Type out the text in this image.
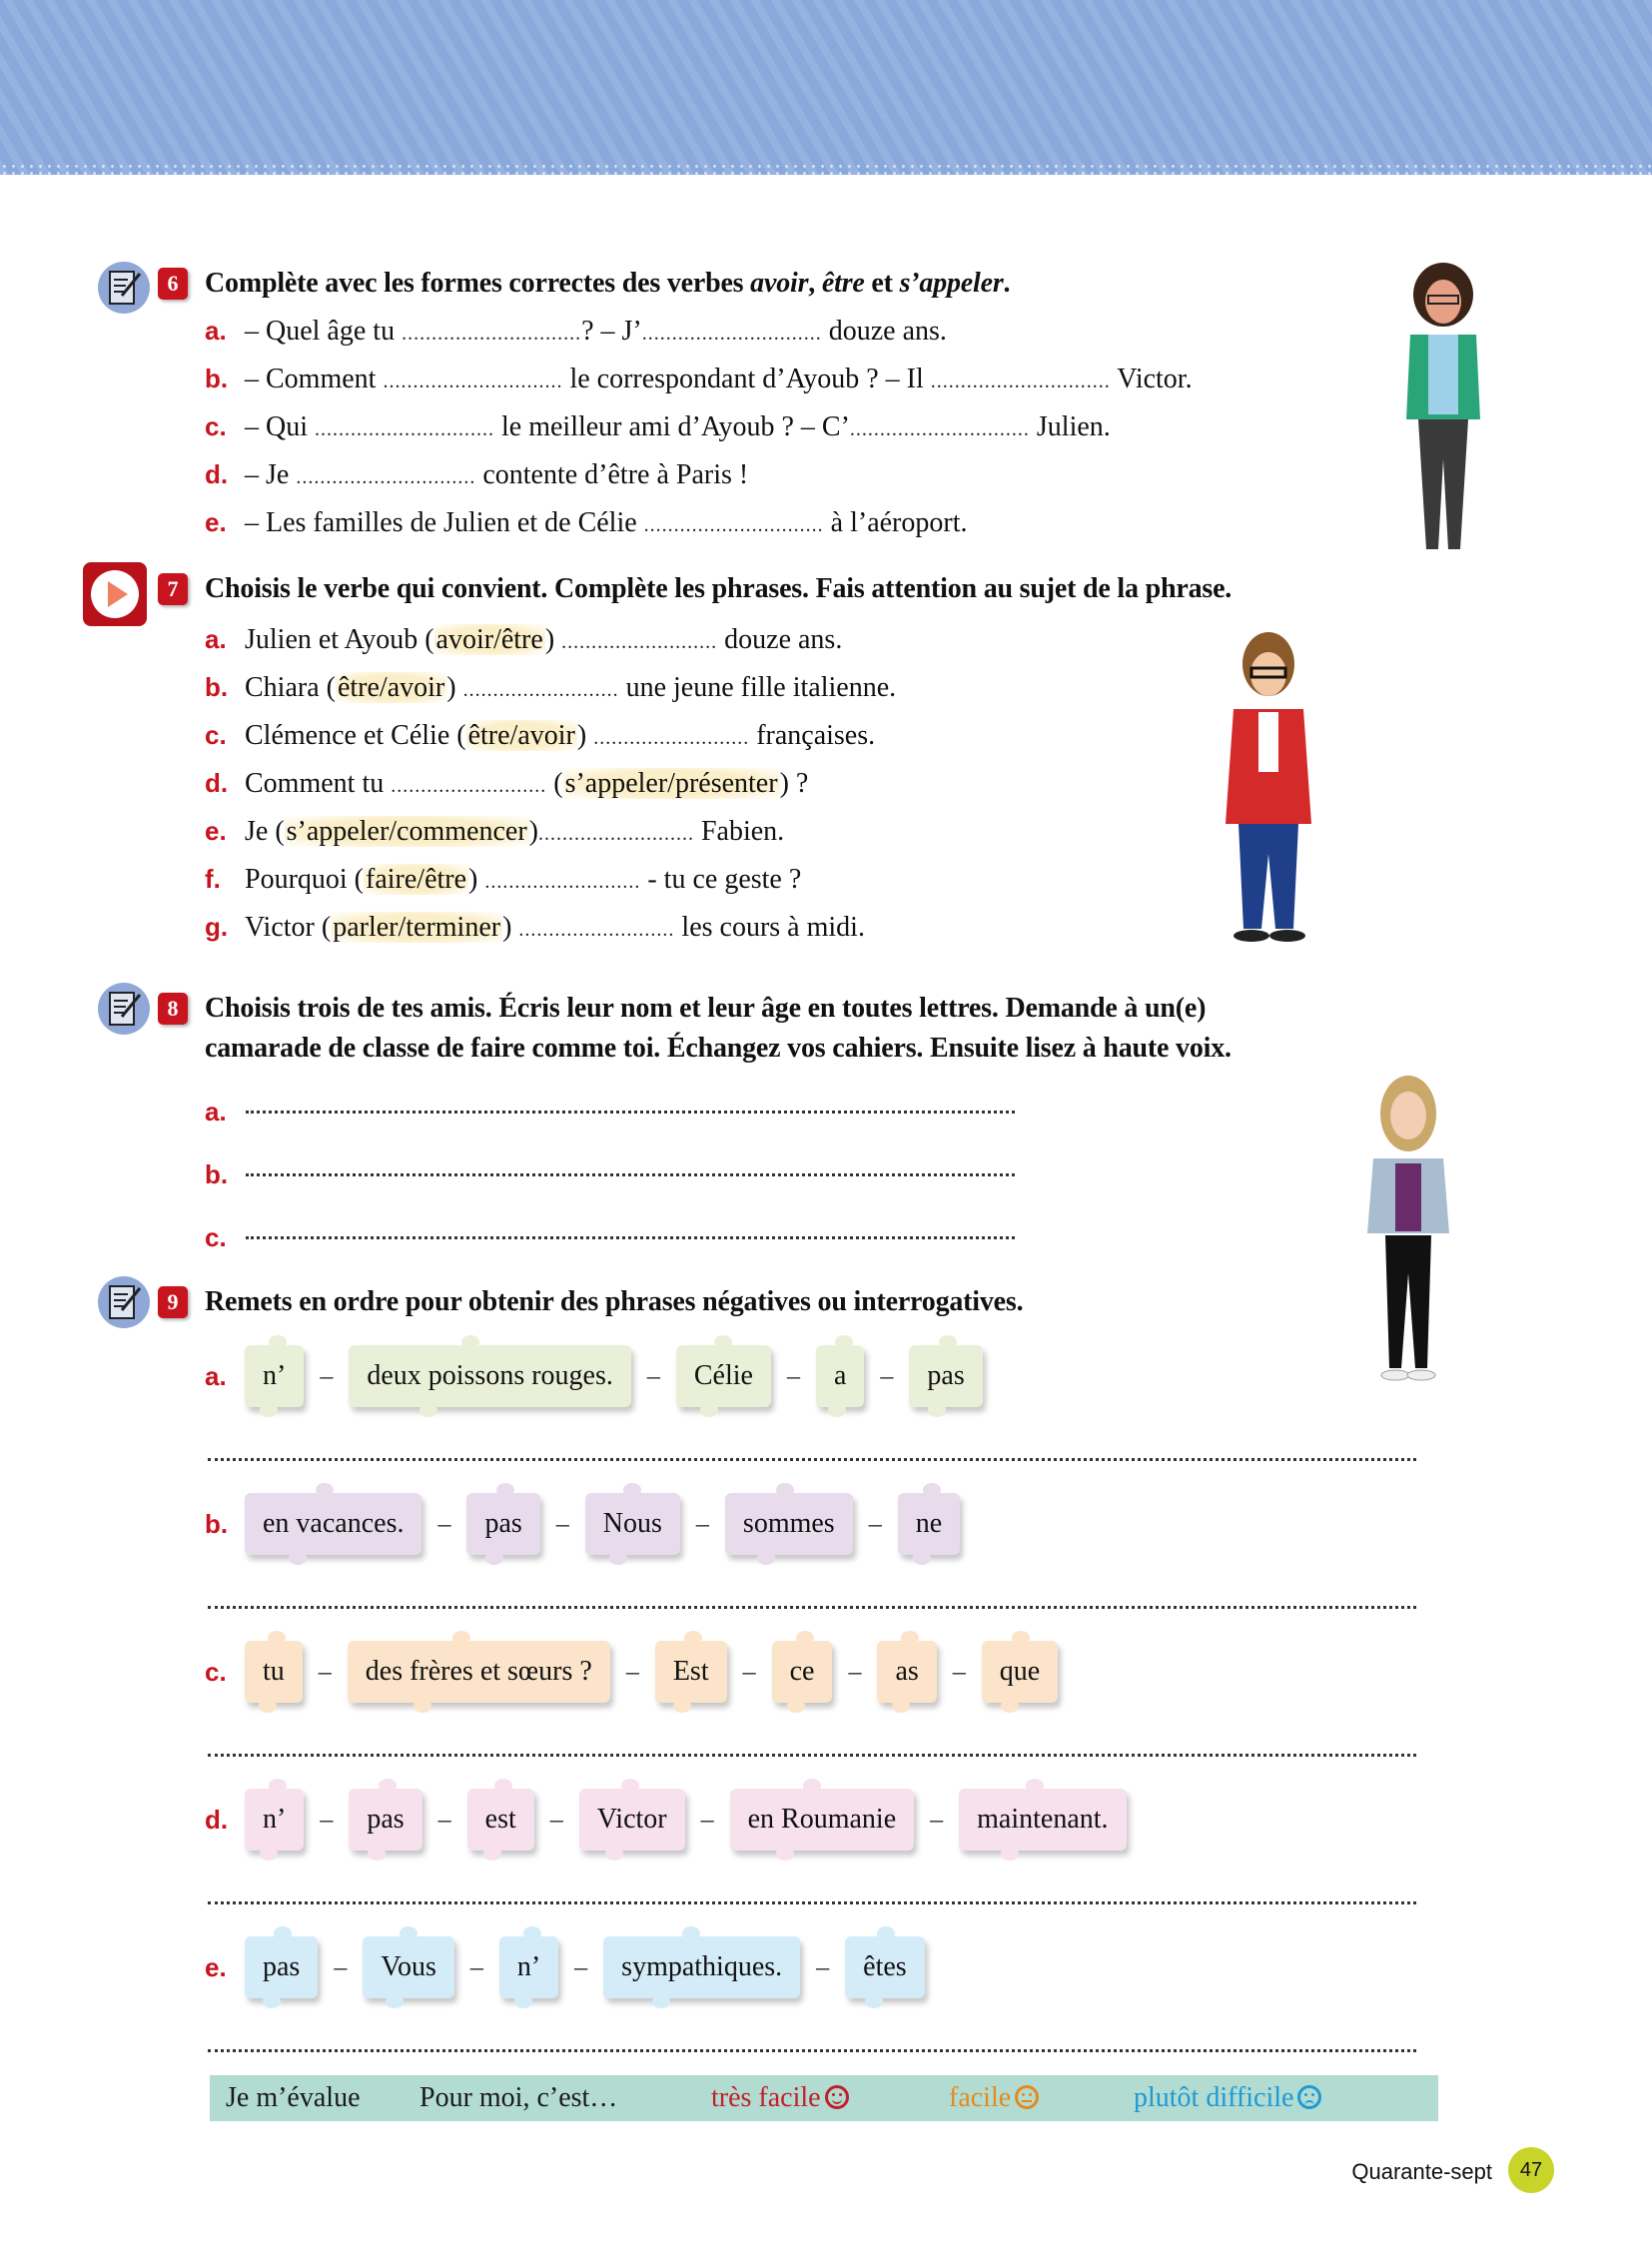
6 Complète avec les formes correctes des verbes avoir, être et s’appeler.
a. – Quel âge tu ..............................? – J’.............................. douze ans.
b. – Comment .............................. le correspondant d’Ayoub ? – Il .............................. Victor.
c. – Qui .............................. le meilleur ami d’Ayoub ? – C’.............................. Julien.
d. – Je .............................. contente d’être à Paris !
e. – Les familles de Julien et de Célie .............................. à l’aéroport.
7 Choisis le verbe qui convient. Complète les phrases. Fais attention au sujet de la phrase.
a. Julien et Ayoub (avoir/être) .......................... douze ans.
b. Chiara (être/avoir) .......................... une jeune fille italienne.
c. Clémence et Célie (être/avoir) .......................... françaises.
d. Comment tu .......................... (s’appeler/présenter) ?
e. Je (s’appeler/commencer).......................... Fabien.
f. Pourquoi (faire/être) .......................... - tu ce geste ?
g. Victor (parler/terminer) .......................... les cours à midi.
8 Choisis trois de tes amis. Écris leur nom et leur âge en toutes lettres. Demande à un(e)
camarade de classe de faire comme toi. Échangez vos cahiers. Ensuite lisez à haute voix.
a.
b.
c.
9 Remets en ordre pour obtenir des phrases négatives ou interrogatives.
a.	n’	–	deux poissons rouges.	–	Célie	–	a	–	pas
b.	en vacances.	–	pas	–	Nous	–	sommes	–	ne
c.	tu	–	des frères et sœurs ?	–	Est	–	ce	–	as	–	que
d.	n’	–	pas	–	est	–	Victor	–	en Roumanie	–	maintenant.
e.	pas	–	Vous	–	n’	–	sympathiques.	–	êtes
Je m’évalue Pour moi, c’est…	très facile	facile	plutôt difficile
Quarante-sept	47
